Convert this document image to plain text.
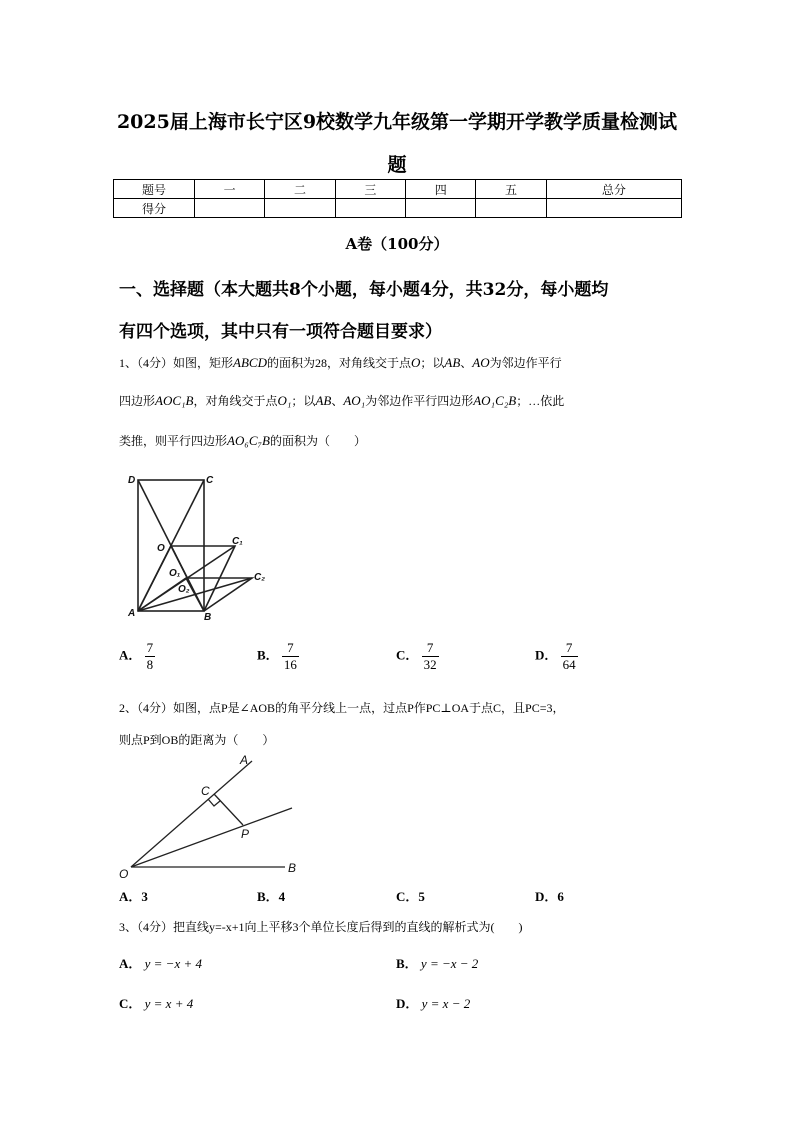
2025届上海市长宁区9校数学九年级第一学期开学教学质量检测试
题
题号	一	二	三	四	五	总分
得分						
A卷（100分）
一、选择题（本大题共8个小题，每小题4分，共32分，每小题均
有四个选项，其中只有一项符合题目要求）
1、（4分）如图，矩形ABCD的面积为28，对角线交于点O；以AB、AO为邻边作平行
四边形AOC₁B，对角线交于点O₁；以AB、AO₁为邻边作平行四边形AO₁C₂B；…依此
类推，则平行四边形AO₆C₇B的面积为（　　）
D	C
O
C₁
O₁
O₂
C₂
A	B
A． $\frac{7}{8}$	B． $\frac{7}{16}$	C． $\frac{7}{32}$	D． $\frac{7}{64}$
2、（4分）如图，点P是∠AOB的角平分线上一点，过点P作PC⊥OA于点C，且PC=3，
则点P到OB的距离为（　　）
A
C
P
O	B
A．3	B．4	C．5	D．6
3、（4分）把直线y=-x+1向上平移3个单位长度后得到的直线的解析式为(　　)
A． y = −x + 4	B． y = −x − 2
C． y = x + 4	D． y = x − 2
